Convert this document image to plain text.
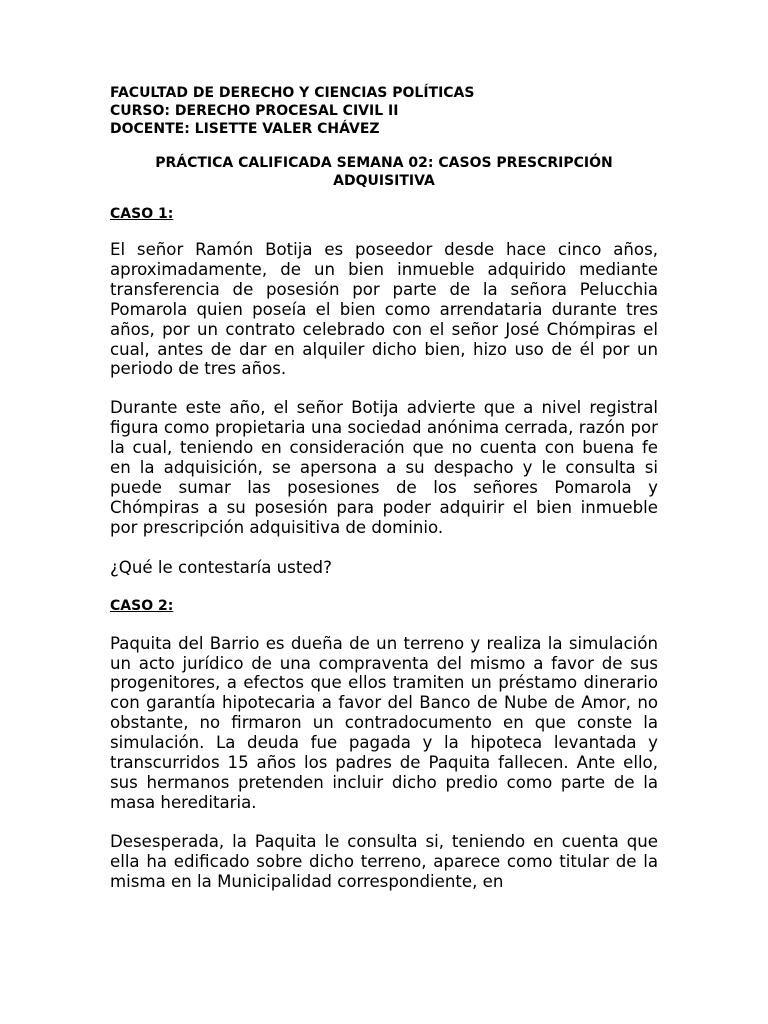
FACULTAD DE DERECHO Y CIENCIAS POLÍTICAS

CURSO: DERECHO PROCESAL CIVIL II

DOCENTE: LISETTE VALER CHÁVEZ

PRÁCTICA CALIFICADA SEMANA 02: CASOS PRESCRIPCIÓN ADQUISITIVA

CASO 1:

El señor Ramón Botija es poseedor desde hace cinco años, aproximadamente, de un bien inmueble adquirido mediante transferencia de posesión por parte de la señora Pelucchia Pomarola quien poseía el bien como arrendataria durante tres años, por un contrato celebrado con el señor José Chómpiras el cual, antes de dar en alquiler dicho bien, hizo uso de él por un periodo de tres años.

Durante este año, el señor Botija advierte que a nivel registral figura como propietaria una sociedad anónima cerrada, razón por la cual, teniendo en consideración que no cuenta con buena fe en la adquisición, se apersona a su despacho y le consulta si puede sumar las posesiones de los señores Pomarola y Chómpiras a su posesión para poder adquirir el bien inmueble por prescripción adquisitiva de dominio.

¿Qué le contestaría usted?

CASO 2:

Paquita del Barrio es dueña de un terreno y realiza la simulación un acto jurídico de una compraventa del mismo a favor de sus progenitores, a efectos que ellos tramiten un préstamo dinerario con garantía hipotecaria a favor del Banco de Nube de Amor, no obstante, no firmaron un contradocumento en que conste la simulación. La deuda fue pagada y la hipoteca levantada y transcurridos 15 años los padres de Paquita fallecen. Ante ello, sus hermanos pretenden incluir dicho predio como parte de la masa hereditaria.

Desesperada, la Paquita le consulta si, teniendo en cuenta que ella ha edificado sobre dicho terreno, aparece como titular de la misma en la Municipalidad correspondiente, en
